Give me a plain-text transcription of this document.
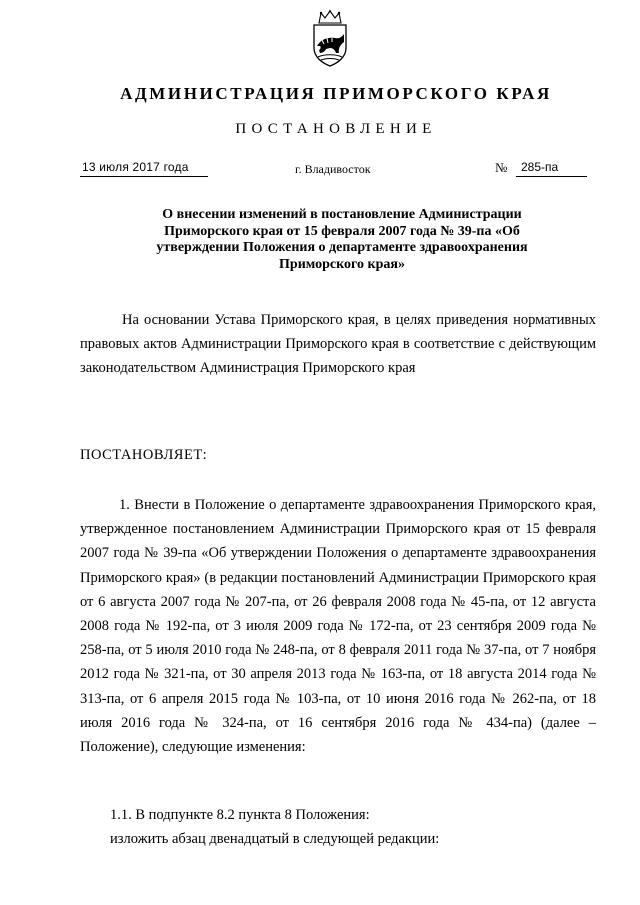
АДМИНИСТРАЦИЯ ПРИМОРСКОГО КРАЯ
ПОСТАНОВЛЕНИЕ
13 июля 2017 года	г. Владивосток	№ 285-па
О внесении изменений в постановление Администрации Приморского края от 15 февраля 2007 года № 39-па «Об утверждении Положения о департаменте здравоохранения Приморского края»
На основании Устава Приморского края, в целях приведения нормативных правовых актов Администрации Приморского края в соответствие с действующим законодательством Администрация Приморского края
ПОСТАНОВЛЯЕТ:
1. Внести в Положение о департаменте здравоохранения Приморского края, утвержденное постановлением Администрации Приморского края от 15 февраля 2007 года № 39-па «Об утверждении Положения о департаменте здравоохранения Приморского края» (в редакции постановлений Администрации Приморского края от 6 августа 2007 года № 207-па, от 26 февраля 2008 года № 45-па, от 12 августа 2008 года № 192-па, от 3 июля 2009 года № 172-па, от 23 сентября 2009 года № 258-па, от 5 июля 2010 года № 248-па, от 8 февраля 2011 года № 37-па, от 7 ноября 2012 года № 321-па, от 30 апреля 2013 года № 163-па, от 18 августа 2014 года № 313-па, от 6 апреля 2015 года № 103-па, от 10 июня 2016 года № 262-па, от 18 июля 2016 года № 324-па, от 16 сентября 2016 года № 434-па) (далее – Положение), следующие изменения:
1.1. В подпункте 8.2 пункта 8 Положения:
изложить абзац двенадцатый в следующей редакции:
